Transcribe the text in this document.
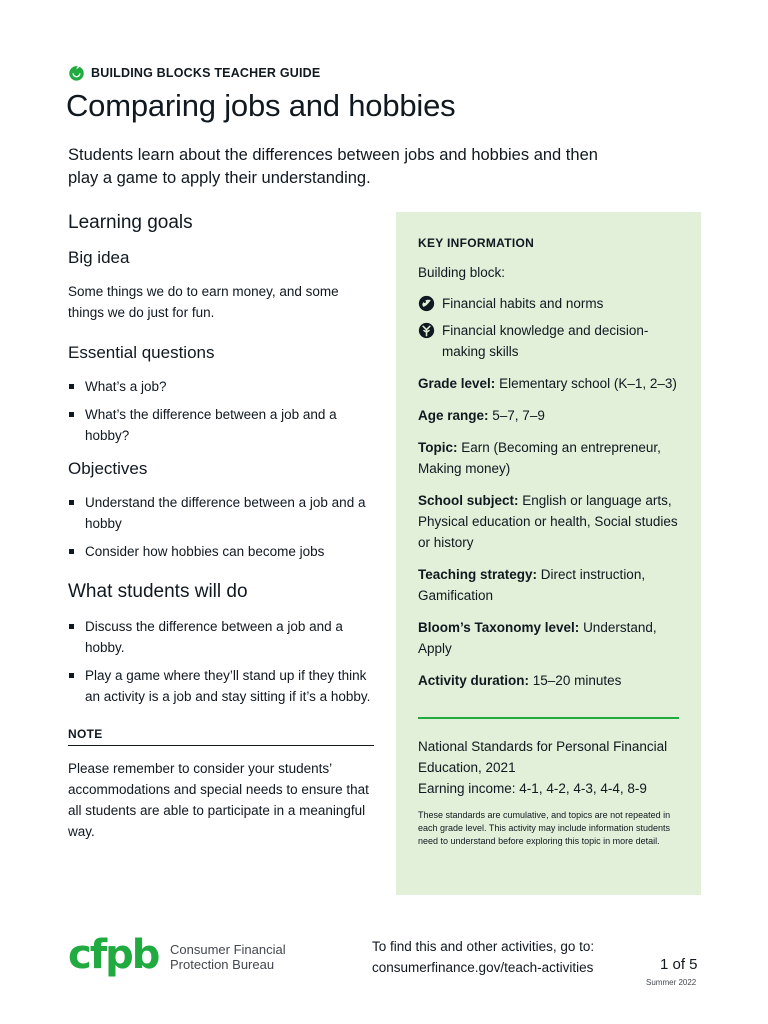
BUILDING BLOCKS TEACHER GUIDE
Comparing jobs and hobbies

Students learn about the differences between jobs and hobbies and then play a game to apply their understanding.

Learning goals
Big idea

Some things we do to earn money, and some things we do just for fun.

Essential questions
What’s a job?
What’s the difference between a job and a hobby?
Objectives
Understand the difference between a job and a hobby
Consider how hobbies can become jobs
What students will do
Discuss the difference between a job and a hobby.
Play a game where they’ll stand up if they think an activity is a job and stay sitting if it’s a hobby.
NOTE

Please remember to consider your students’ accommodations and special needs to ensure that all students are able to participate in a meaningful way.

KEY INFORMATION
Building block:
Financial habits and norms
Financial knowledge and decision-making skills
Grade level: Elementary school (K–1, 2–3)
Age range: 5–7, 7–9
Topic: Earn (Becoming an entrepreneur, Making money)
School subject: English or language arts, Physical education or health, Social studies or history
Teaching strategy: Direct instruction, Gamification
Bloom’s Taxonomy level: Understand, Apply
Activity duration: 15–20 minutes
National Standards for Personal Financial Education, 2021
Earning income: 4-1, 4-2, 4-3, 4-4, 8-9
These standards are cumulative, and topics are not repeated in each grade level. This activity may include information students need to understand before exploring this topic in more detail.
cfpb Consumer Financial
Protection Bureau
To find this and other activities, go to:
consumerfinance.gov/teach-activities	1 of 5
Summer 2022
